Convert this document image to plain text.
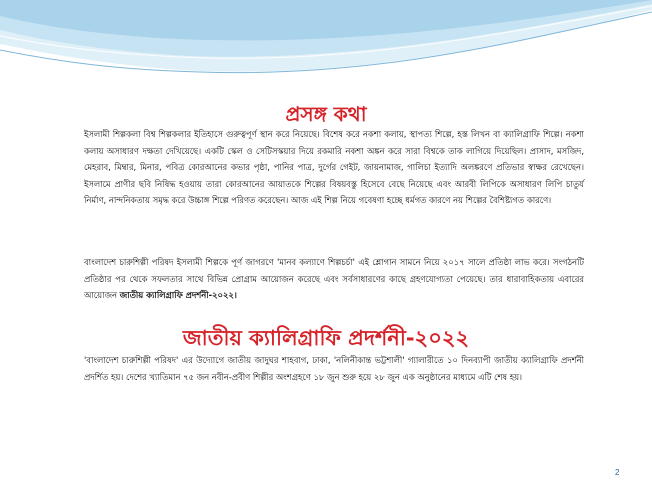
প্রসঙ্গ কথা
ইসলামী শিল্পকলা বিশ্ব শিল্পকলার ইতিহাসে গুরুত্বপূর্ণ স্থান করে নিয়েছে। বিশেষ করে নকশা কলায়, স্থাপত্য শিল্পে, হস্ত লিখন বা ক্যালিগ্রাফি শিল্পে। নকশা কলায় অসাধারণ দক্ষতা দেখিয়েছে। একটি স্কেল ও সেটিসস্কয়ার দিয়ে রকমারি নকশা অঙ্কন করে সারা বিশ্বকে তাক লাগিয়ে দিয়েছিল। প্রাসাদ, মসজিদ, মেহরাব, মিম্বার, মিনার, পবিত্র কোরআনের কভার পৃষ্ঠা, পানির পাত্র, দুর্গের গেইট, জায়নামাজ, গালিচা ইত্যাদি অলঙ্করণে প্রতিভার স্বাক্ষর রেখেছেন। ইসলামে প্রাণীর ছবি নিষিদ্ধ হওয়ায় তারা কোরআনের আয়াতকে শিল্পের বিষয়বস্তু হিসেবে বেছে নিয়েছে এবং আরবী লিপিকে অসাধারণ লিপি চাতুর্য নির্মাণ, নান্দনিকতায় সমৃদ্ধ করে উচ্চাঙ্গ শিল্পে পরিণত করেছেন। আজ এই শিল্প নিয়ে গবেষণা হচ্ছে ধর্মগত কারণে নয় শিল্পের বৈশিষ্ট্যগত কারণে।
বাংলাদেশ চারুশিল্পী পরিষদ ইসলামী শিল্পকে পূর্ণ জাগরণে 'মানব কল্যাণে শিল্পচর্চা' এই শ্লোগান সামনে নিয়ে ২০১৭ সালে প্রতিষ্ঠা লাভ করে। সংগঠনটি প্রতিষ্ঠার পর থেকে সফলতার সাথে বিভিন্ন প্রোগ্রাম আয়োজন করেছে এবং সর্বসাধারণের কাছে গ্রহণযোগ্যতা পেয়েছে। তার ধারাবাহিকতায় এবারের আয়োজন জাতীয় ক্যালিগ্রাফি প্রদর্শনী-২০২২।
জাতীয় ক্যালিগ্রাফি প্রদর্শনী-২০২২
'বাংলাদেশ চারুশিল্পী পরিষদ' এর উদ্যোগে জাতীয় জাদুঘর শাহবাগ, ঢাকা, 'নলিনীকান্ত ভট্টশালী' গ্যালারীতে ১০ দিনব্যাপী জাতীয় ক্যালিগ্রাফি প্রদর্শনী প্রদর্শিত হয়। দেশের খ্যাতিমান ৭৫ জন নবীন-প্রবীণ শিল্পীর অংশগ্রহণে ১৮ জুন শুরু হয়ে ২৮ জুন এক অনুষ্ঠানের মাধ্যমে এটি শেষ হয়।
2
